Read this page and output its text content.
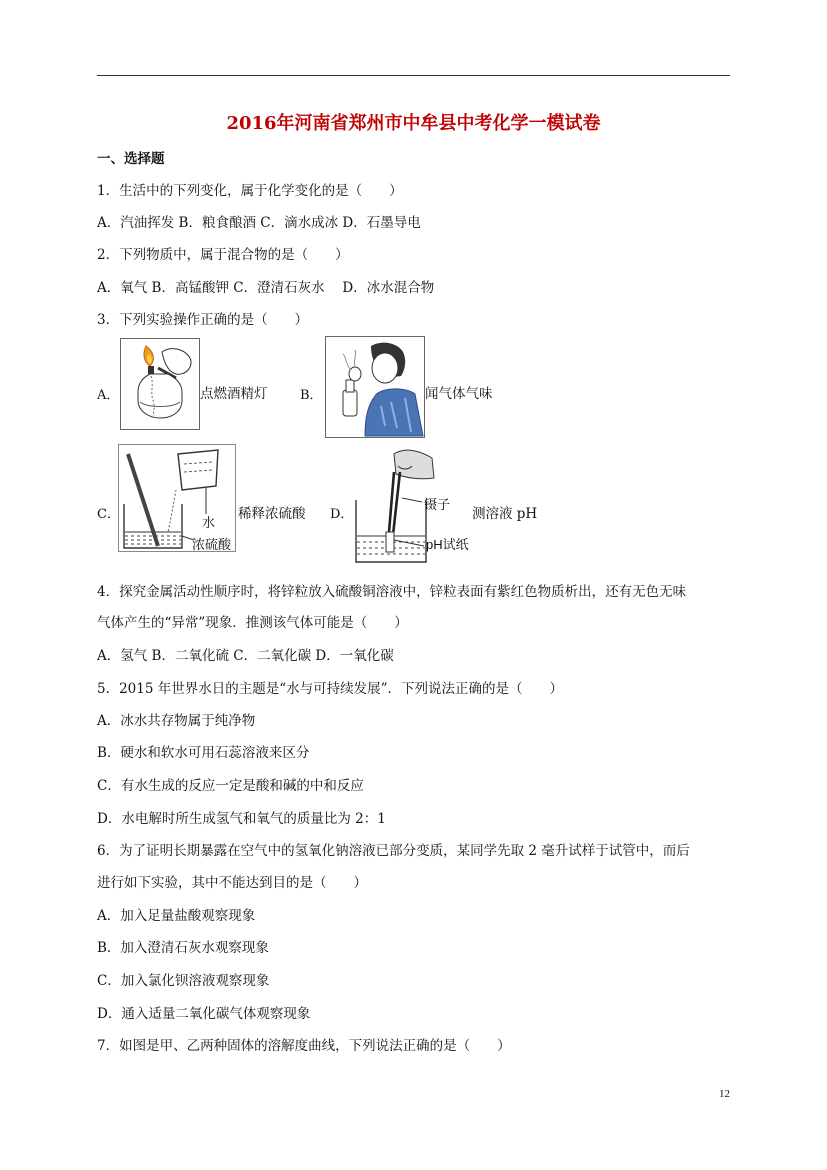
2016年河南省郑州市中牟县中考化学一模试卷
一、选择题
1．生活中的下列变化，属于化学变化的是（　　）
A．汽油挥发 B．粮食酿酒 C．滴水成冰 D．石墨导电
2．下列物质中，属于混合物的是（　　）
A．氧气 B．高锰酸钾 C．澄清石灰水　 D．冰水混合物
3．下列实验操作正确的是（　　）
A．	点燃酒精灯	B．	闻气体气味
C．
水
浓硫酸
稀释浓硫酸 D．
镊子
pH试纸
测溶液 pH
4．探究金属活动性顺序时，将锌粒放入硫酸铜溶液中，锌粒表面有紫红色物质析出，还有无色无味
气体产生的“异常”现象．推测该气体可能是（　　）
A．氢气 B．二氧化硫 C．二氧化碳 D．一氧化碳
5．2015 年世界水日的主题是“水与可持续发展”．下列说法正确的是（　　）
A．冰水共存物属于纯净物
B．硬水和软水可用石蕊溶液来区分
C．有水生成的反应一定是酸和碱的中和反应
D．水电解时所生成氢气和氧气的质量比为 2：1
6．为了证明长期暴露在空气中的氢氧化钠溶液已部分变质，某同学先取 2 毫升试样于试管中，而后
进行如下实验，其中不能达到目的是（　　）
A．加入足量盐酸观察现象
B．加入澄清石灰水观察现象
C．加入氯化钡溶液观察现象
D．通入适量二氧化碳气体观察现象
7．如图是甲、乙两种固体的溶解度曲线，下列说法正确的是（　　）
12
